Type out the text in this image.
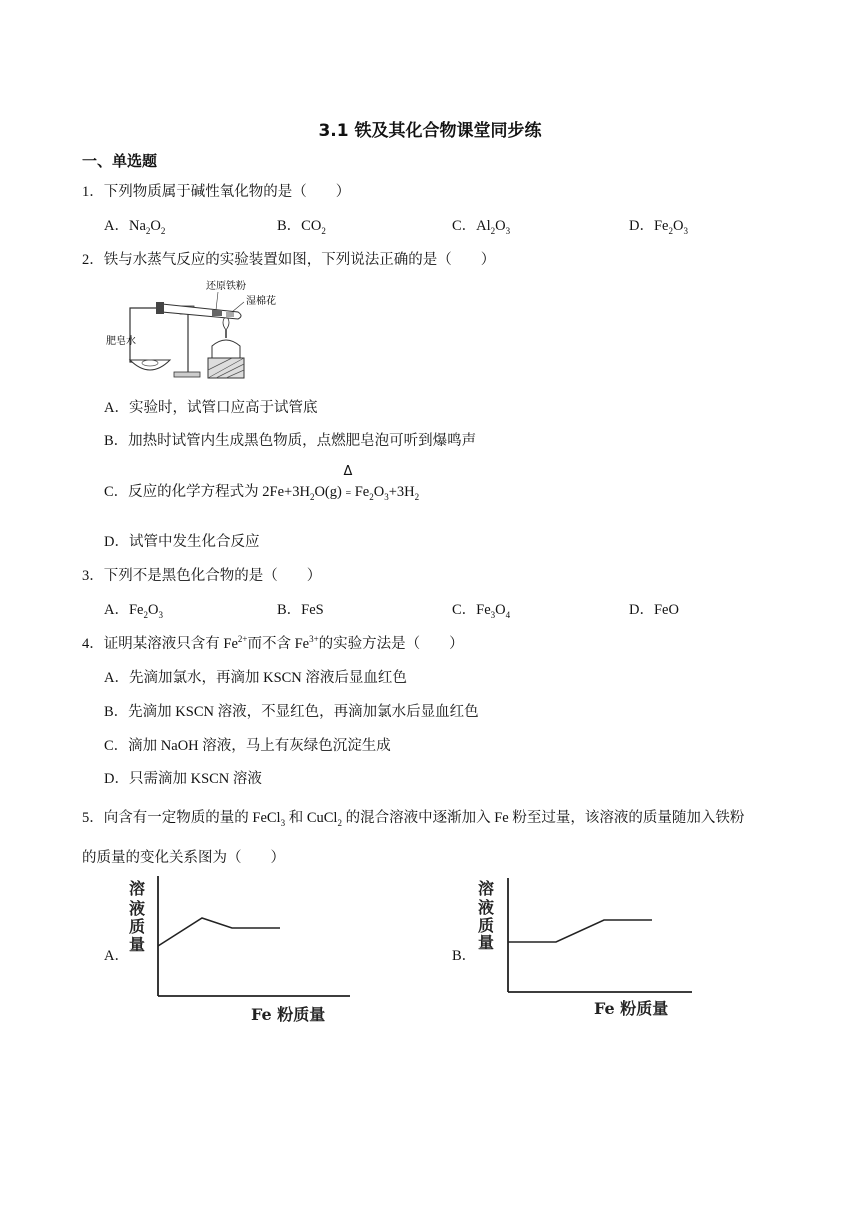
3.1 铁及其化合物课堂同步练
一、单选题
1．下列物质属于碱性氧化物的是（　　）
A．$Na_2O_2$	B．$CO_2$	C．$Al_2O_3$	D．$Fe_2O_3$
2．铁与水蒸气反应的实验装置如图，下列说法正确的是（　　）
还原铁粉
湿棉花
肥皂水
A．实验时，试管口应高于试管底
B．加热时试管内生成黑色物质，点燃肥皂泡可听到爆鸣声
C．反应的化学方程式为 $2Fe+3H_2O(g)$
Δ
= $Fe_2O_3+3H_2$
D．试管中发生化合反应
3．下列不是黑色化合物的是（　　）
A．$Fe_2O_3$	B．FeS	C．$Fe_3O_4$	D．FeO
4．证明某溶液只含有 $Fe^{2+}$而不含 $Fe^{3+}$的实验方法是（　　）
A．先滴加氯水，再滴加 KSCN 溶液后显血红色
B．先滴加 KSCN 溶液，不显红色，再滴加氯水后显血红色
C．滴加 NaOH 溶液，马上有灰绿色沉淀生成
D．只需滴加 KSCN 溶液
5．向含有一定物质的量的 FeCl$_3$ 和 CuCl$_2$ 的混合溶液中逐渐加入 Fe 粉至过量，该溶液的质量随加入铁粉
的质量的变化关系图为（　　）
A．
溶
液
质
量
Fe 粉质量
B．
溶
液
质
量
Fe 粉质量
